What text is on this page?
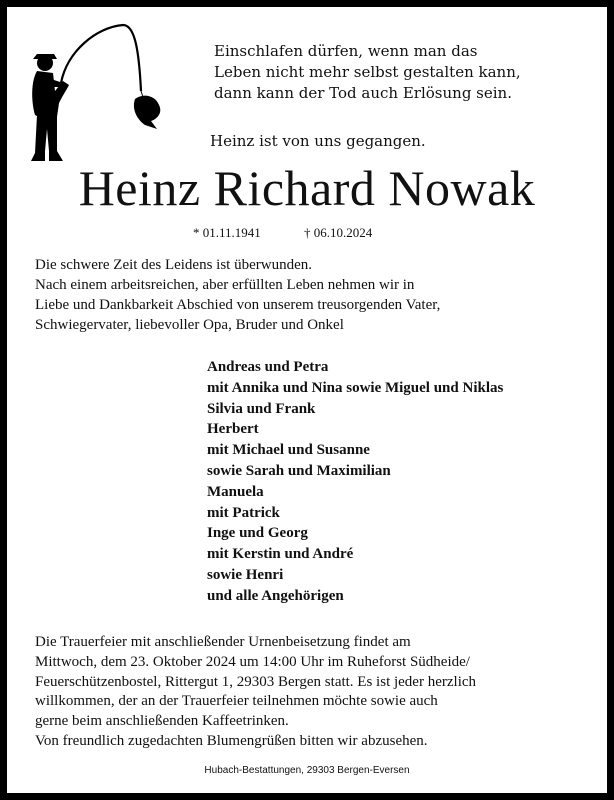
Einschlafen dürfen, wenn man das
Leben nicht mehr selbst gestalten kann,
dann kann der Tod auch Erlösung sein.
Heinz ist von uns gegangen.
Heinz Richard Nowak
* 01.11.1941	† 06.10.2024
Die schwere Zeit des Leidens ist überwunden.
Nach einem arbeitsreichen, aber erfüllten Leben nehmen wir in
Liebe und Dankbarkeit Abschied von unserem treusorgenden Vater,
Schwiegervater, liebevoller Opa, Bruder und Onkel
Andreas und Petra
mit Annika und Nina sowie Miguel und Niklas
Silvia und Frank
Herbert
mit Michael und Susanne
sowie Sarah und Maximilian
Manuela
mit Patrick
Inge und Georg
mit Kerstin und André
sowie Henri
und alle Angehörigen
Die Trauerfeier mit anschließender Urnenbeisetzung findet am
Mittwoch, dem 23. Oktober 2024 um 14:00 Uhr im Ruheforst Südheide/
Feuerschützenbostel, Rittergut 1, 29303 Bergen statt. Es ist jeder herzlich
willkommen, der an der Trauerfeier teilnehmen möchte sowie auch
gerne beim anschließenden Kaffeetrinken.
Von freundlich zugedachten Blumengrüßen bitten wir abzusehen.
Hubach-Bestattungen, 29303 Bergen-Eversen
